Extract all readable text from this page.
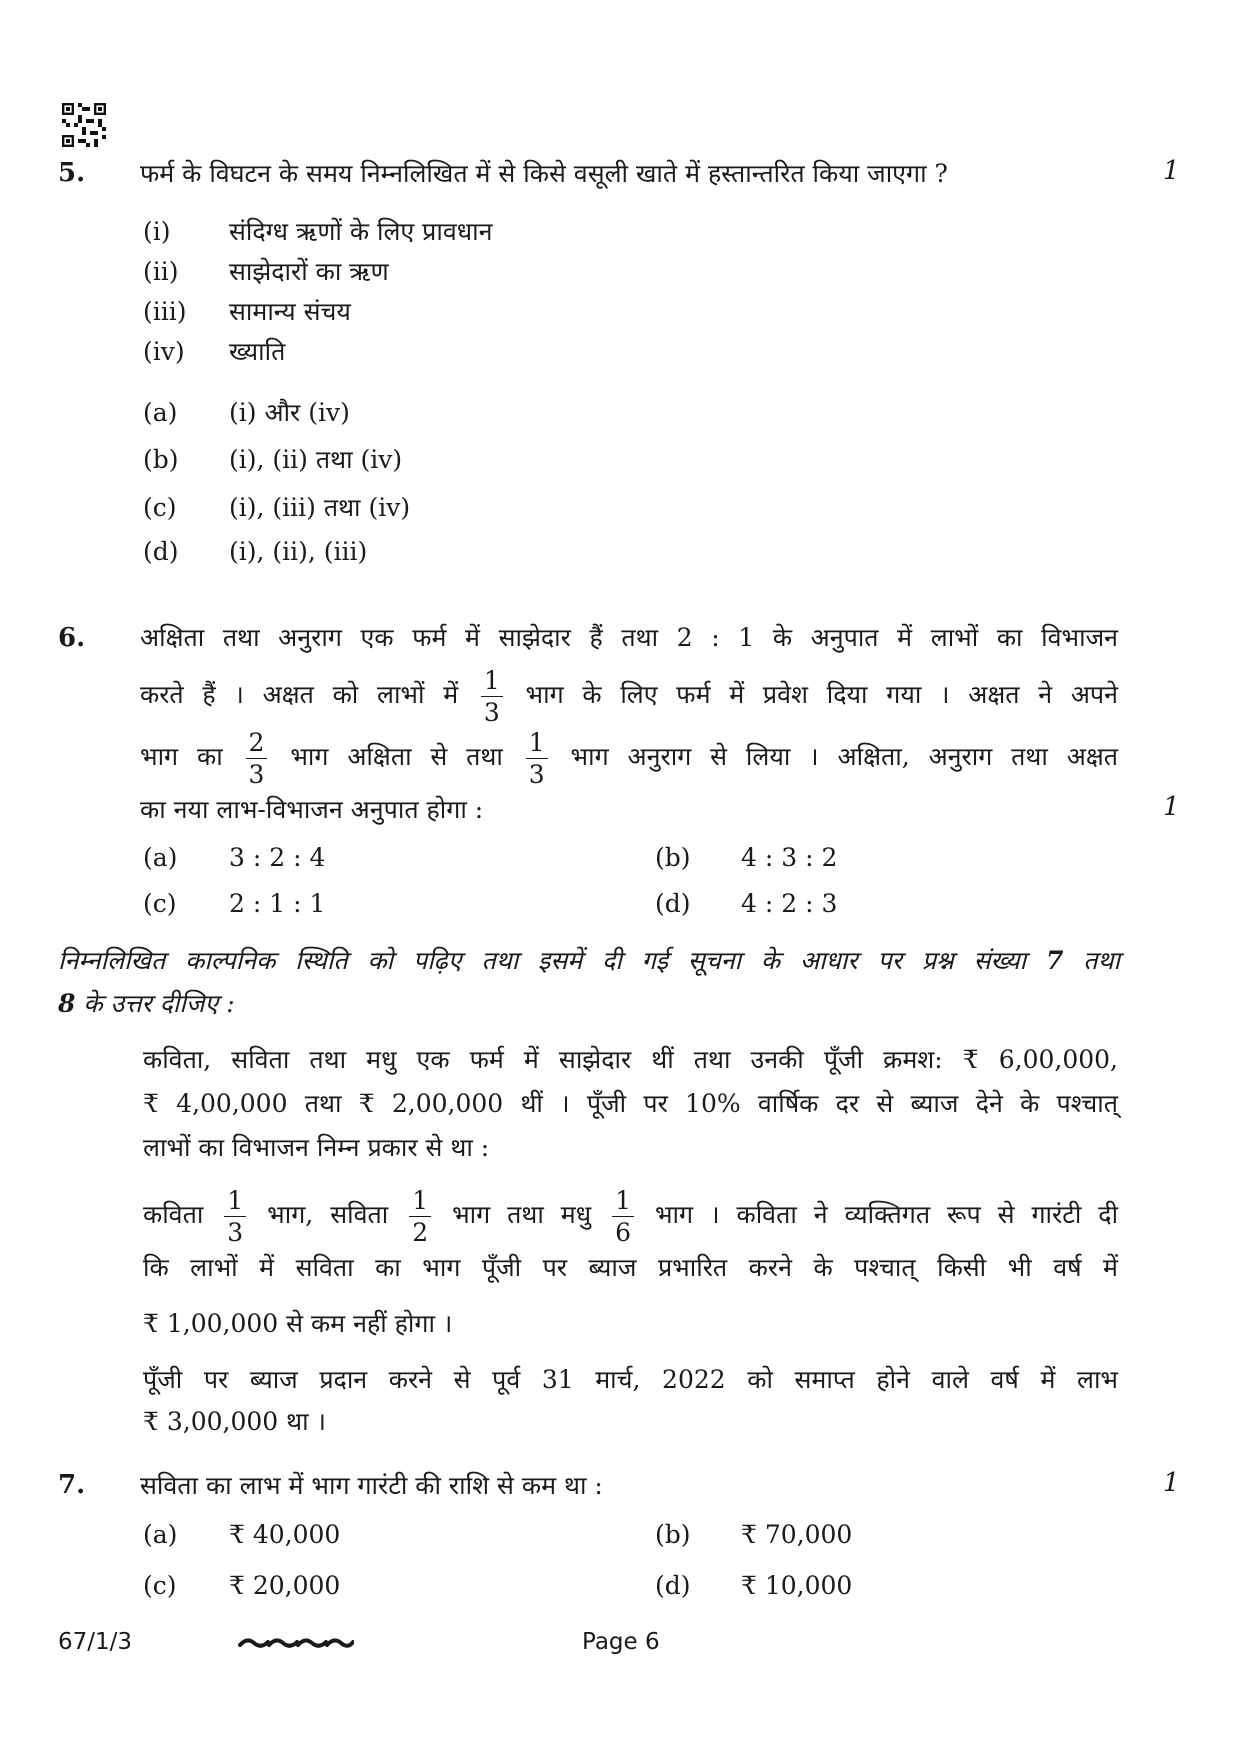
5. फर्म के विघटन के समय निम्नलिखित में से किसे वसूली खाते में हस्तान्तरित किया जाएगा ?	1
(i) संदिग्ध ऋणों के लिए प्रावधान
(ii) साझेदारों का ऋण
(iii) सामान्य संचय
(iv) ख्याति
(a) (i) और (iv)
(b) (i), (ii) तथा (iv)
(c) (i), (iii) तथा (iv)
(d) (i), (ii), (iii)
6. अक्षिता तथा अनुराग एक फर्म में साझेदार हैं तथा 2 : 1 के अनुपात में लाभों का विभाजन
करते हैं । अक्षत को लाभों में $\frac{1}{3}$ भाग के लिए फर्म में प्रवेश दिया गया । अक्षत ने अपने
भाग का $\frac{2}{3}$ भाग अक्षिता से तथा $\frac{1}{3}$ भाग अनुराग से लिया । अक्षिता, अनुराग तथा अक्षत
का नया लाभ-विभाजन अनुपात होगा :	1
(a) 3 : 2 : 4	(b) 4 : 3 : 2
(c) 2 : 1 : 1	(d) 4 : 2 : 3
निम्नलिखित काल्पनिक स्थिति को पढ़िए तथा इसमें दी गई सूचना के आधार पर प्रश्न संख्या 7 तथा
8 के उत्तर दीजिए :
कविता, सविता तथा मधु एक फर्म में साझेदार थीं तथा उनकी पूँजी क्रमश: ₹ 6,00,000,
₹ 4,00,000 तथा ₹ 2,00,000 थीं । पूँजी पर 10% वार्षिक दर से ब्याज देने के पश्चात्
लाभों का विभाजन निम्न प्रकार से था :
कविता $\frac{1}{3}$ भाग, सविता $\frac{1}{2}$ भाग तथा मधु $\frac{1}{6}$ भाग । कविता ने व्यक्तिगत रूप से गारंटी दी
कि लाभों में सविता का भाग पूँजी पर ब्याज प्रभारित करने के पश्चात् किसी भी वर्ष में
₹ 1,00,000 से कम नहीं होगा ।
पूँजी पर ब्याज प्रदान करने से पूर्व 31 मार्च, 2022 को समाप्त होने वाले वर्ष में लाभ
₹ 3,00,000 था ।
7. सविता का लाभ में भाग गारंटी की राशि से कम था :	1
(a) ₹ 40,000	(b) ₹ 70,000
(c) ₹ 20,000	(d) ₹ 10,000
67/1/3	Page 6
